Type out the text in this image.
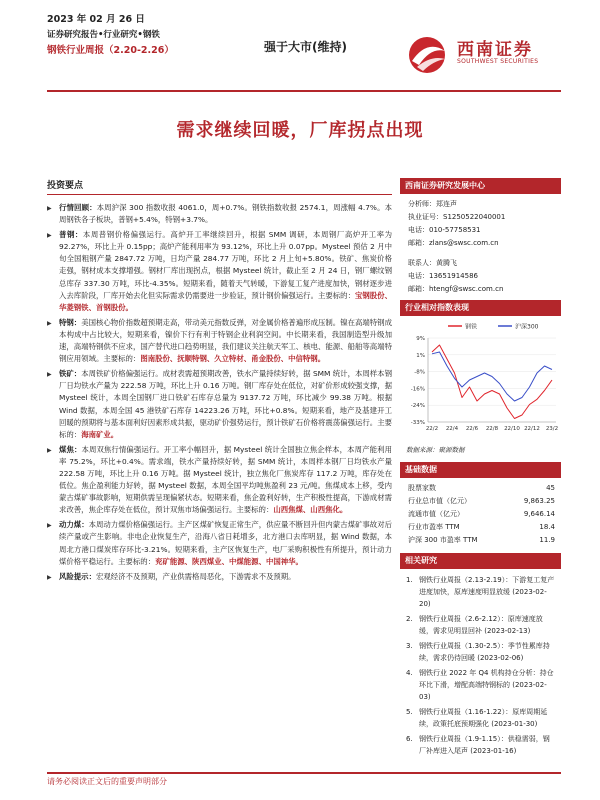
2023 年 02 月 26 日
证券研究报告•行业研究•钢铁
钢铁行业周报（2.20-2.26）	强于大市(维持)	西南证券
SOUTHWEST SECURITIES
需求继续回暖，厂库拐点出现
投资要点
▶ 行情回顾：本周沪深 300 指数收报 4061.0，周+0.7%。钢铁指数收报 2574.1，周涨幅 4.7%。本周钢铁各子板块，普钢+5.4%，特钢+3.7%。
▶ 普钢：本周普钢价格偏强运行。高炉开工率继续回升，根据 SMM 调研，本周钢厂高炉开工率为 92.27%，环比上升 0.15pp；高炉产能利用率为 93.12%，环比上升 0.07pp。Mysteel 预估 2 月中旬全国粗钢产量 2847.72 万吨，日均产量 284.77 万吨，环比 2 月上旬+5.80%。铁矿、焦炭价格走强，钢材成本支撑增强。钢材厂库出现拐点，根据 Mysteel 统计，截止至 2 月 24 日，钢厂螺纹钢总库存 337.30 万吨，环比-4.35%。短期来看，随着天气转暖，下游复工复产进度加快，钢材逐步进入去库阶段，厂库开始去化但实际需求仍需要进一步验证，预计钢价偏强运行。主要标的：宝钢股份、华菱钢铁、首钢股份。
▶ 特钢：美国核心物价指数超预期走高，带动美元指数反弹，对金属价格普遍形成压制。镍在高端特钢成本构成中占比较大，短期来看，镍价下行有利于特钢企业利润空间。中长期来看，我国制造型升级加速，高端特钢供不应求，国产替代进口趋势明显，我们建议关注航天军工、核电、能源、船舶等高端特钢应用领域。主要标的：图南股份、抚顺特钢、久立特材、甬金股份、中信特钢。
▶ 铁矿：本周铁矿价格偏强运行。成材表需超预期改善，铁水产量持续好转，据 SMM 统计，本周样本钢厂日均铁水产量为 222.58 万吨，环比上升 0.16 万吨。钢厂库存处在低位，对矿价形成较强支撑，据 Mysteel 统计，本周全国钢厂进口铁矿石库存总量为 9137.72 万吨，环比减少 99.38 万吨。根据 Wind 数据，本周全国 45 港铁矿石库存 14223.26 万吨，环比+0.8%。短期来看，地产及基建开工回暖的预期将与基本面利好因素形成共振，驱动矿价强势运行，预计铁矿石价格将震荡偏强运行。主要标的：海南矿业。
▶ 煤焦：本周双焦行情偏强运行。开工率小幅回升，据 Mysteel 统计全国独立焦企样本，本周产能利用率 75.2%，环比+0.4%。需求端，铁水产量持续好转，据 SMM 统计，本周样本钢厂日均铁水产量 222.58 万吨，环比上升 0.16 万吨。据 Mysteel 统计，独立焦化厂焦炭库存 117.2 万吨，库存处在低位。焦企盈利能力好转，据 Mysteel 数据，本周全国平均吨焦盈利 23 元/吨。焦煤成本上移，受内蒙古煤矿事故影响，短期供需呈现偏紧状态。短期来看，焦企盈利好转，生产积极性提高，下游成材需求改善，焦企库存处在低位，预计双焦市场偏强运行。主要标的：山西焦煤、山西焦化。
▶ 动力煤：本周动力煤价格偏强运行。主产区煤矿恢复正常生产，供应量不断回升但内蒙古煤矿事故对后续产量或产生影响。非电企业恢复生产，沿海八省日耗增多，北方港口去库明显，据 Wind 数据，本周北方港口煤炭库存环比-3.21%。短期来看，主产区恢复生产，电厂采购积极性有所提升，预计动力煤价格平稳运行。主要标的：兖矿能源、陕西煤业、中煤能源、中国神华。
▶ 风险提示：宏观经济不及预期，产业供需格局恶化，下游需求不及预期。
西南证券研究发展中心
分析师：郑连声
执业证号：S1250522040001
电话：010-57758531
邮箱：zlans@swsc.com.cn
联系人：黄腾飞
电话：13651914586
邮箱：htengf@swsc.com.cn
行业相对指数表现
钢铁	沪深300
9%
1%
-8%
-16%
-24%
-33%
22/2 22/4 22/6 22/8 22/10 22/12 23/2
数据来源：聚源数据
基础数据
股票家数	45
行业总市值（亿元）	9,863.25
流通市值（亿元）	9,646.14
行业市盈率 TTM	18.4
沪深 300 市盈率 TTM	11.9
相关研究
1. 钢铁行业周报（2.13-2.19）：下游复工复产进度加快，原库速度明显放缓 (2023-02-20)
2. 钢铁行业周报（2.6-2.12）：原库速度放缓，需求见明显回补 (2023-02-13)
3. 钢铁行业周报（1.30-2.5）：季节性累库持续，需求仍待回暖 (2023-02-06)
4. 钢铁行业 2022 年 Q4 机构持仓分析：持仓环比下滑，增配高端特钢标的 (2023-02-03)
5. 钢铁行业周报（1.16-1.22）：原库周期延续，政策托底预期强化 (2023-01-30)
6. 钢铁行业周报（1.9-1.15）：供稳需弱，钢厂补库进入尾声 (2023-01-16)
请务必阅读正文后的重要声明部分
